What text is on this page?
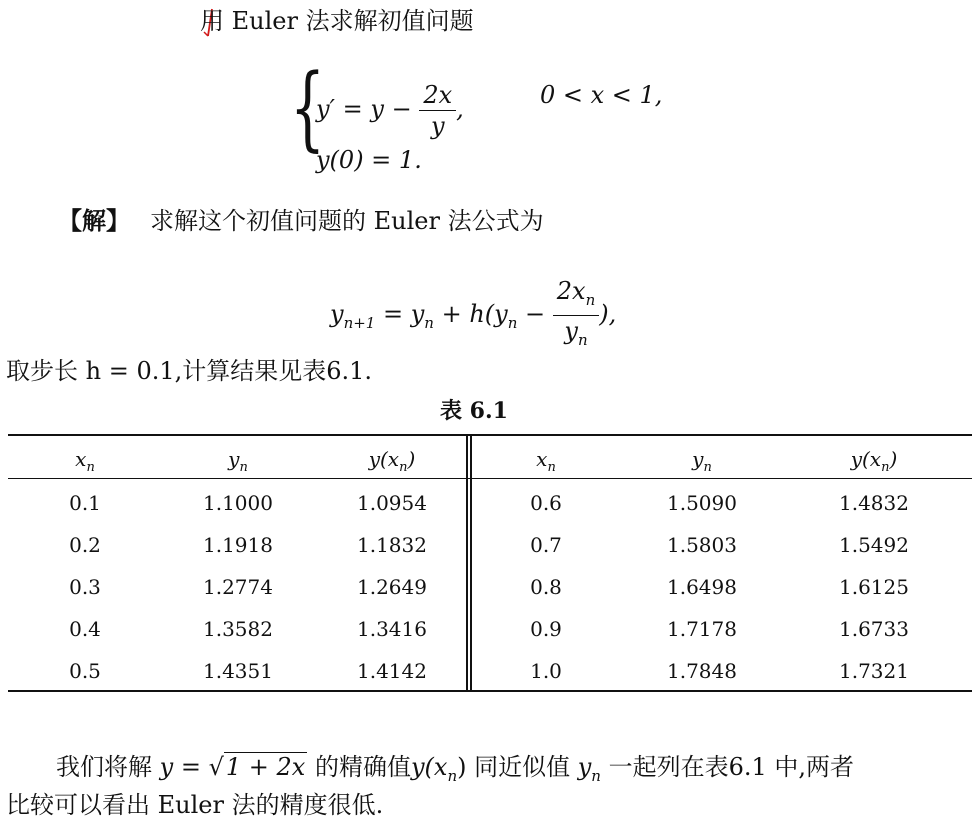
用 Euler 法求解初值问题
{
$y' = y - \frac{2x}{y}$ ,	0 < x < 1,
y(0) = 1.
【解】 求解这个初值问题的 Euler 法公式为
$y_{n+1} = y_n + h(y_n - \frac{2x_n}{y_n}$ ),
取步长 h = 0.1,计算结果见表6.1.
表 6.1
$x_n$	$y_n$	$y(x_n)$	$x_n$	$y_n$	$y(x_n)$
0.1	1.1000	1.0954	0.6	1.5090	1.4832
0.2	1.1918	1.1832	0.7	1.5803	1.5492
0.3	1.2774	1.2649	0.8	1.6498	1.6125
0.4	1.3582	1.3416	0.9	1.7178	1.6733
0.5	1.4351	1.4142	1.0	1.7848	1.7321
我们将解 y = √1 + 2x 的精确值$y(x_n)$ 同近似值 $y_n$ 一起列在表6.1 中,两者
比较可以看出 Euler 法的精度很低.
